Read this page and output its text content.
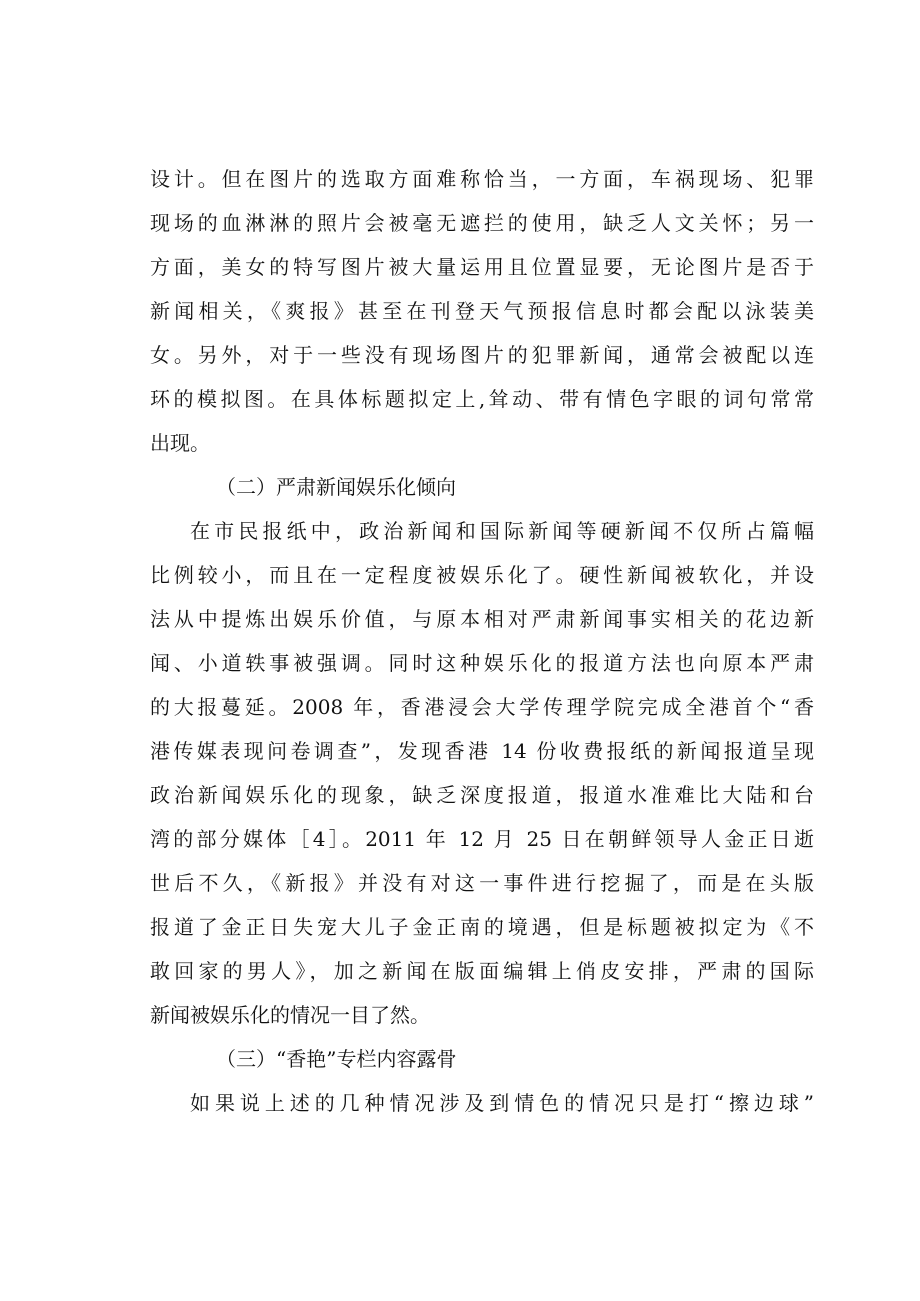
设计。但在图片的选取方面难称恰当，一方面，车祸现场、犯罪
现场的血淋淋的照片会被毫无遮拦的使用，缺乏人文关怀；另一
方面，美女的特写图片被大量运用且位置显要，无论图片是否于
新闻相关，《爽报》甚至在刊登天气预报信息时都会配以泳装美
女。另外，对于一些没有现场图片的犯罪新闻，通常会被配以连
环的模拟图。在具体标题拟定上,耸动、带有情色字眼的词句常常
出现。
（二）严肃新闻娱乐化倾向
在市民报纸中，政治新闻和国际新闻等硬新闻不仅所占篇幅
比例较小，而且在一定程度被娱乐化了。硬性新闻被软化，并设
法从中提炼出娱乐价值，与原本相对严肃新闻事实相关的花边新
闻、小道轶事被强调。同时这种娱乐化的报道方法也向原本严肃
的大报蔓延。2008 年，香港浸会大学传理学院完成全港首个“香
港传媒表现问卷调查”，发现香港 14 份收费报纸的新闻报道呈现
政治新闻娱乐化的现象，缺乏深度报道，报道水准难比大陆和台
湾的部分媒体［4］。2011 年 12 月 25 日在朝鲜领导人金正日逝
世后不久，《新报》并没有对这一事件进行挖掘了，而是在头版
报道了金正日失宠大儿子金正南的境遇，但是标题被拟定为《不
敢回家的男人》，加之新闻在版面编辑上俏皮安排，严肃的国际
新闻被娱乐化的情况一目了然。
（三）“香艳”专栏内容露骨
如果说上述的几种情况涉及到情色的情况只是打“擦边球”
